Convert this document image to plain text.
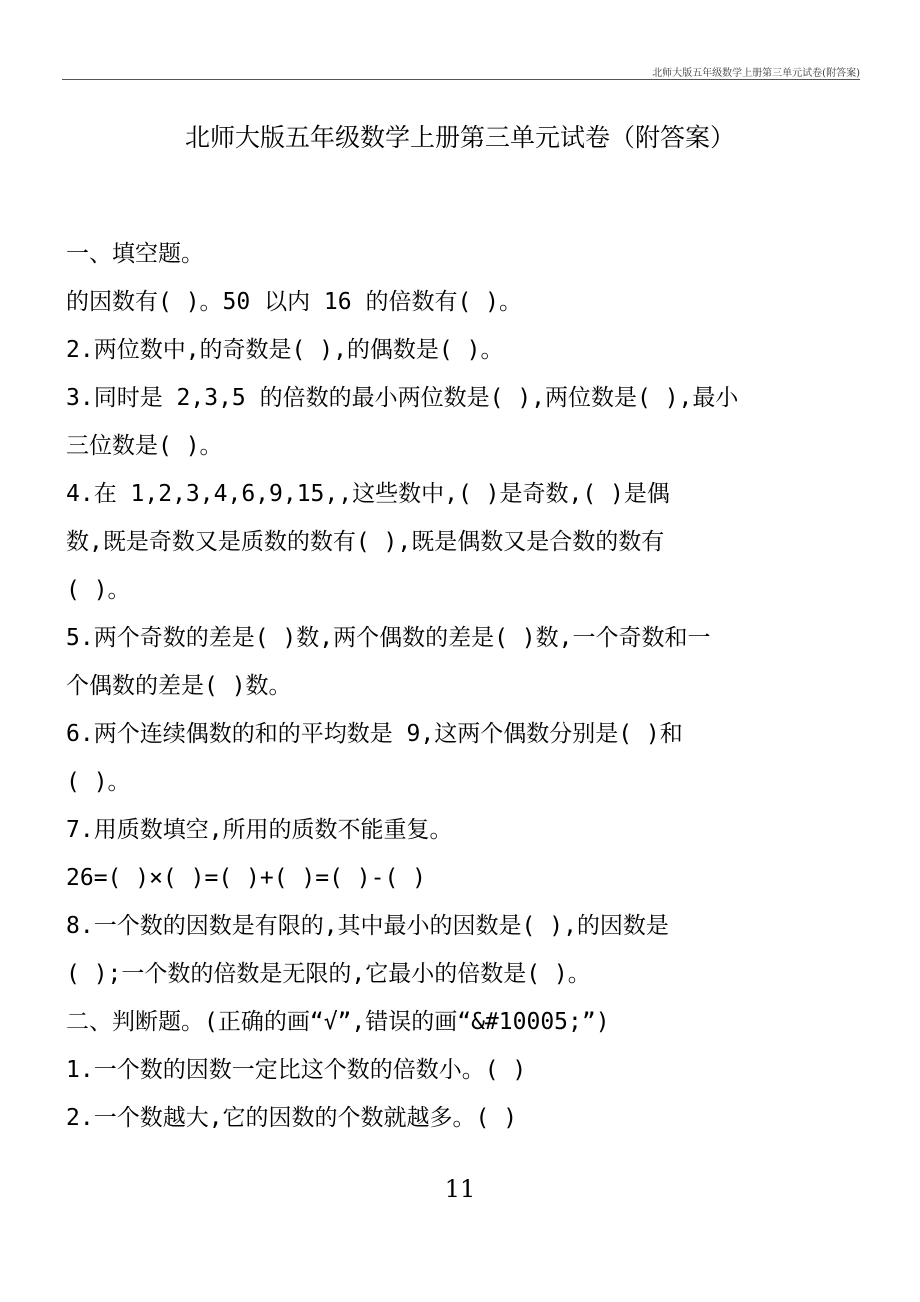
北师大版五年级数学上册第三单元试卷(附答案)
北师大版五年级数学上册第三单元试卷（附答案）
一、填空题。
的因数有( )。50 以内 16 的倍数有( )。
2.两位数中,的奇数是( ),的偶数是( )。
3.同时是 2,3,5 的倍数的最小两位数是( ),两位数是( ),最小
三位数是( )。
4.在 1,2,3,4,6,9,15,,这些数中,( )是奇数,( )是偶
数,既是奇数又是质数的数有( ),既是偶数又是合数的数有
( )。
5.两个奇数的差是( )数,两个偶数的差是( )数,一个奇数和一
个偶数的差是( )数。
6.两个连续偶数的和的平均数是 9,这两个偶数分别是( )和
( )。
7.用质数填空,所用的质数不能重复。
26=( )×( )=( )+( )=( )-( )
8.一个数的因数是有限的,其中最小的因数是( ),的因数是
( );一个数的倍数是无限的,它最小的倍数是( )。
二、判断题。(正确的画“√”,错误的画“&#10005;”)
1.一个数的因数一定比这个数的倍数小。( )
2.一个数越大,它的因数的个数就越多。( )
11
